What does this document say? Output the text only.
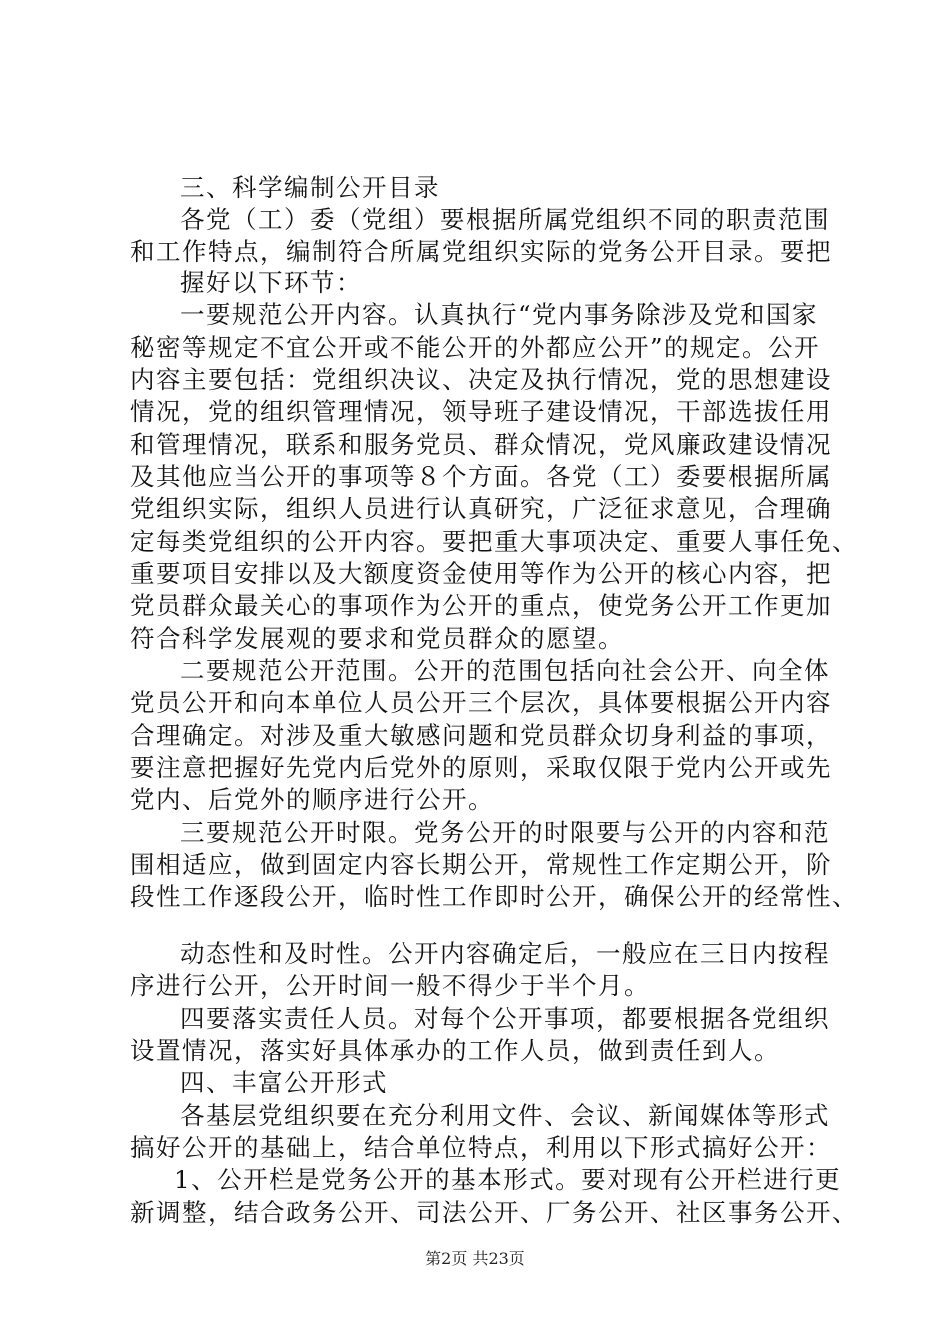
三、科学编制公开目录
各党（工）委（党组）要根据所属党组织不同的职责范围
和工作特点，编制符合所属党组织实际的党务公开目录。要把
握好以下环节：
一要规范公开内容。认真执行“党内事务除涉及党和国家
秘密等规定不宜公开或不能公开的外都应公开”的规定。公开
内容主要包括：党组织决议、决定及执行情况，党的思想建设
情况，党的组织管理情况，领导班子建设情况，干部选拔任用
和管理情况，联系和服务党员、群众情况，党风廉政建设情况
及其他应当公开的事项等８个方面。各党（工）委要根据所属
党组织实际，组织人员进行认真研究，广泛征求意见，合理确
定每类党组织的公开内容。要把重大事项决定、重要人事任免、
重要项目安排以及大额度资金使用等作为公开的核心内容，把
党员群众最关心的事项作为公开的重点，使党务公开工作更加
符合科学发展观的要求和党员群众的愿望。
二要规范公开范围。公开的范围包括向社会公开、向全体
党员公开和向本单位人员公开三个层次，具体要根据公开内容
合理确定。对涉及重大敏感问题和党员群众切身利益的事项，
要注意把握好先党内后党外的原则，采取仅限于党内公开或先
党内、后党外的顺序进行公开。
三要规范公开时限。党务公开的时限要与公开的内容和范
围相适应，做到固定内容长期公开，常规性工作定期公开，阶
段性工作逐段公开，临时性工作即时公开，确保公开的经常性、
动态性和及时性。公开内容确定后，一般应在三日内按程
序进行公开，公开时间一般不得少于半个月。
四要落实责任人员。对每个公开事项，都要根据各党组织
设置情况，落实好具体承办的工作人员，做到责任到人。
四、丰富公开形式
各基层党组织要在充分利用文件、会议、新闻媒体等形式
搞好公开的基础上，结合单位特点，利用以下形式搞好公开：
1、公开栏是党务公开的基本形式。要对现有公开栏进行更
新调整，结合政务公开、司法公开、厂务公开、社区事务公开、
第2页 共23页
